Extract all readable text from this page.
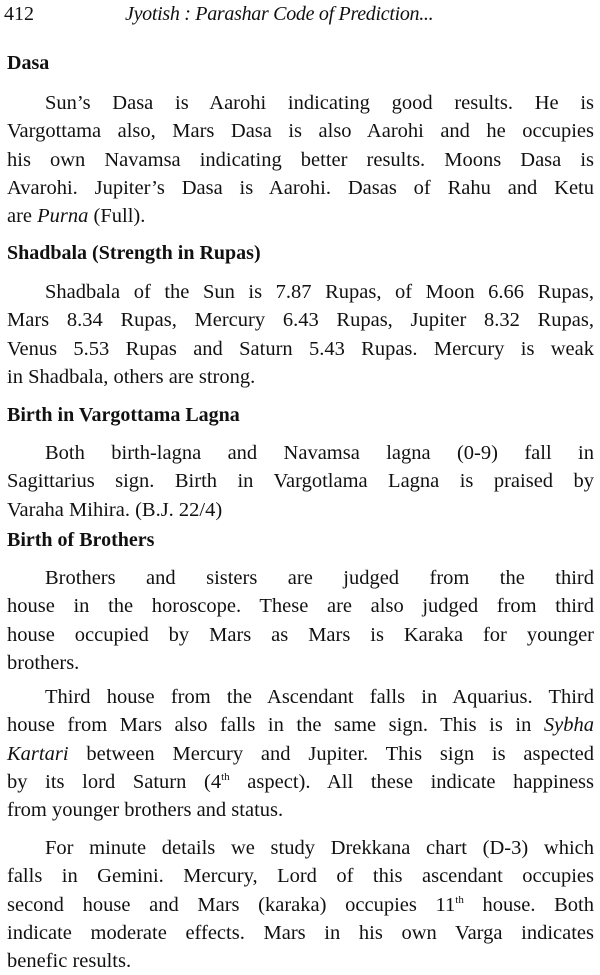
412	Jyotish : Parashar Code of Prediction...
Dasa
Sun’s Dasa is Aarohi indicating good results. He is
Vargottama also, Mars Dasa is also Aarohi and he occupies
his own Navamsa indicating better results. Moons Dasa is
Avarohi. Jupiter’s Dasa is Aarohi. Dasas of Rahu and Ketu
are Purna (Full).
Shadbala (Strength in Rupas)
Shadbala of the Sun is 7.87 Rupas, of Moon 6.66 Rupas,
Mars 8.34 Rupas, Mercury 6.43 Rupas, Jupiter 8.32 Rupas,
Venus 5.53 Rupas and Saturn 5.43 Rupas. Mercury is weak
in Shadbala, others are strong.
Birth in Vargottama Lagna
Both birth-lagna and Navamsa lagna (0-9) fall in
Sagittarius sign. Birth in Vargotlama Lagna is praised by
Varaha Mihira. (B.J. 22/4)
Birth of Brothers
Brothers and sisters are judged from the third
house in the horoscope. These are also judged from third
house occupied by Mars as Mars is Karaka for younger
brothers.
Third house from the Ascendant falls in Aquarius. Third
house from Mars also falls in the same sign. This is in Sybha
Kartari between Mercury and Jupiter. This sign is aspected
by its lord Saturn (4th aspect). All these indicate happiness
from younger brothers and status.
For minute details we study Drekkana chart (D-3) which
falls in Gemini. Mercury, Lord of this ascendant occupies
second house and Mars (karaka) occupies 11th house. Both
indicate moderate effects. Mars in his own Varga indicates
benefic results.
